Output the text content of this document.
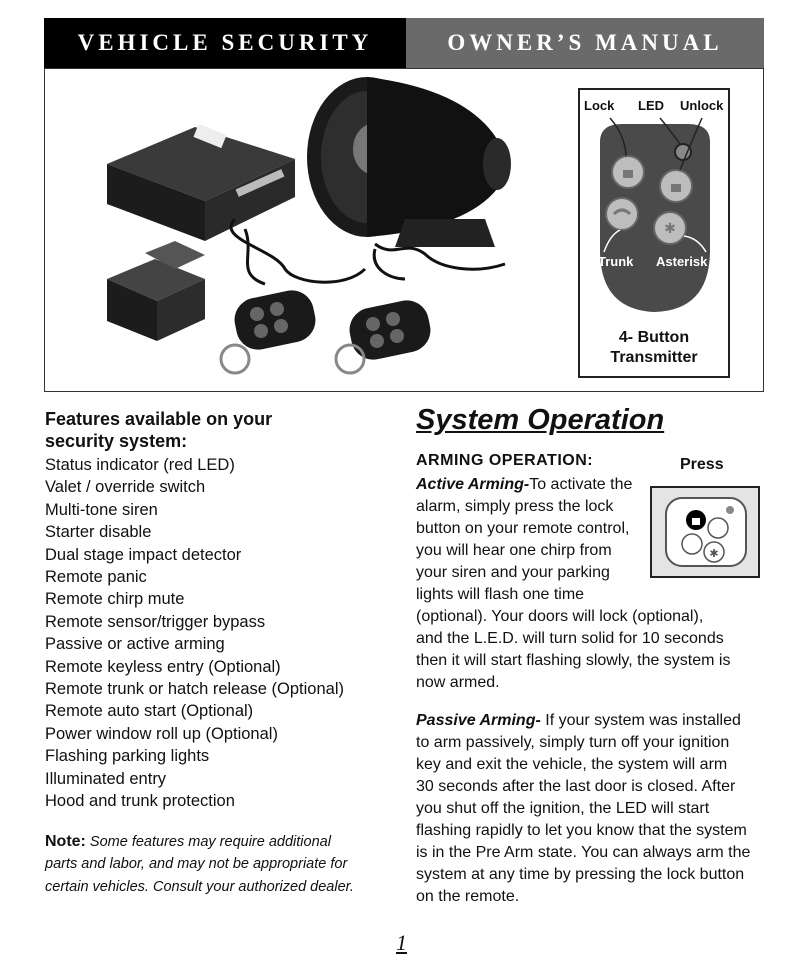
VEHICLE SECURITY	OWNER’S MANUAL
Lock LED Unlock
✱
Trunk Asterisk
4- Button
Transmitter
Features available on your
security system:
Status indicator (red LED)
Valet / override switch
Multi-tone siren
Starter disable
Dual stage impact detector
Remote panic
Remote chirp mute
Remote sensor/trigger bypass
Passive or active arming
Remote keyless entry (Optional)
Remote trunk or hatch release (Optional)
Remote auto start (Optional)
Power window roll up (Optional)
Flashing parking lights
Illuminated entry
Hood and trunk protection
Note: Some features may require additional
parts and labor, and may not be appropriate for
certain vehicles. Consult your authorized dealer.
System Operation
ARMING OPERATION:	Press
✱
Active Arming-To activate the
alarm, simply press the lock
button on your remote control,
you will hear one chirp from
your siren and your parking
lights will flash one time
(optional). Your doors will lock (optional),
and the L.E.D. will turn solid for 10 seconds
then it will start flashing slowly, the system is
now armed.
Passive Arming- If your system was installed
to arm passively, simply turn off your ignition
key and exit the vehicle, the system will arm
30 seconds after the last door is closed. After
you shut off the ignition, the LED will start
flashing rapidly to let you know that the system
is in the Pre Arm state. You can always arm the
system at any time by pressing the lock button
on the remote.
1
